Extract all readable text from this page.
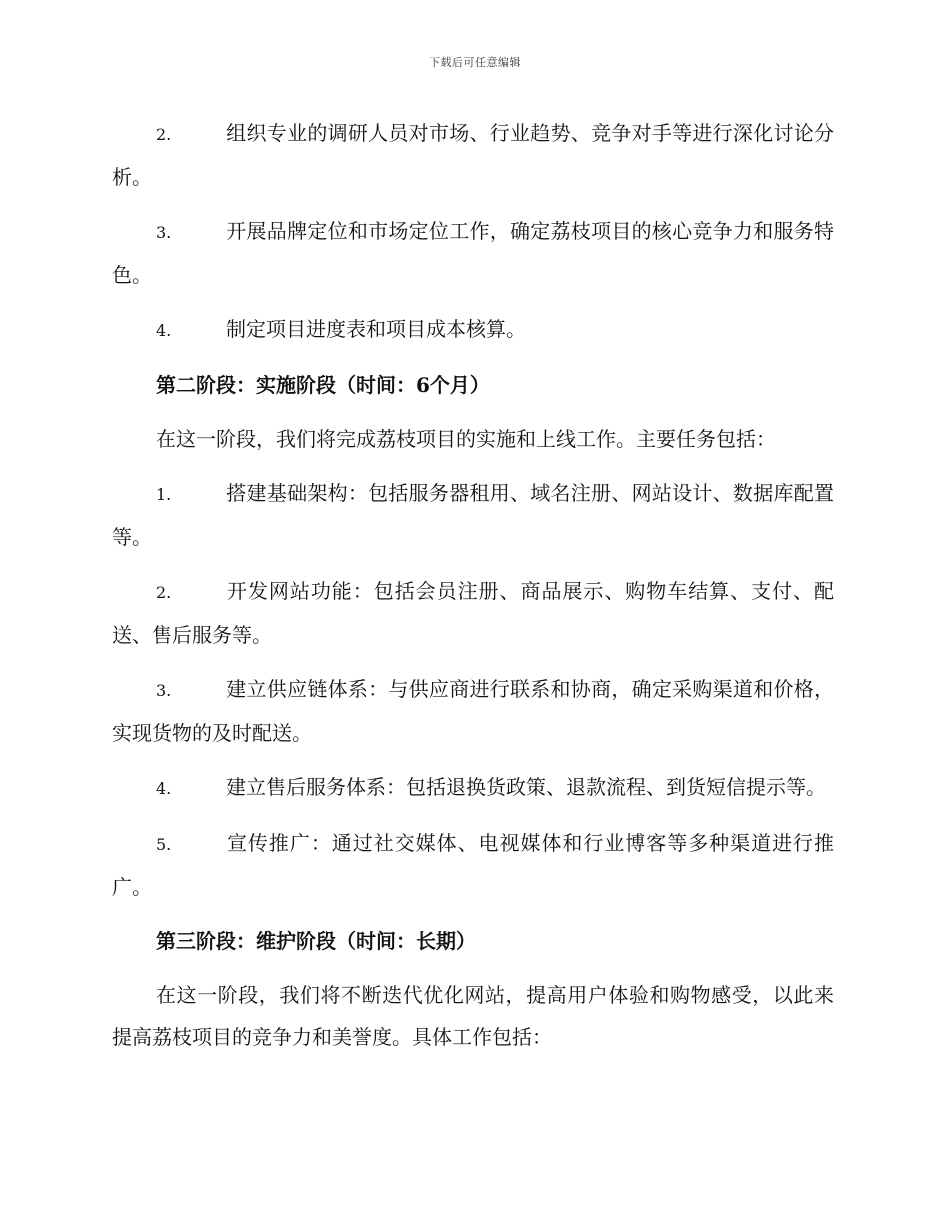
下载后可任意编辑

2.	组织专业的调研人员对市场、行业趋势、竞争对手等进行深化讨论分析。

3.	开展品牌定位和市场定位工作，确定荔枝项目的核心竞争力和服务特色。

4.	制定项目进度表和项目成本核算。

第二阶段：实施阶段（时间：6个月）

在这一阶段，我们将完成荔枝项目的实施和上线工作。主要任务包括：

1.	搭建基础架构：包括服务器租用、域名注册、网站设计、数据库配置等。

2.	开发网站功能：包括会员注册、商品展示、购物车结算、支付、配送、售后服务等。

3.	建立供应链体系：与供应商进行联系和协商，确定采购渠道和价格，实现货物的及时配送。

4.	建立售后服务体系：包括退换货政策、退款流程、到货短信提示等。

5.	宣传推广：通过社交媒体、电视媒体和行业博客等多种渠道进行推广。

第三阶段：维护阶段（时间：长期）

在这一阶段，我们将不断迭代优化网站，提高用户体验和购物感受，以此来提高荔枝项目的竞争力和美誉度。具体工作包括：
